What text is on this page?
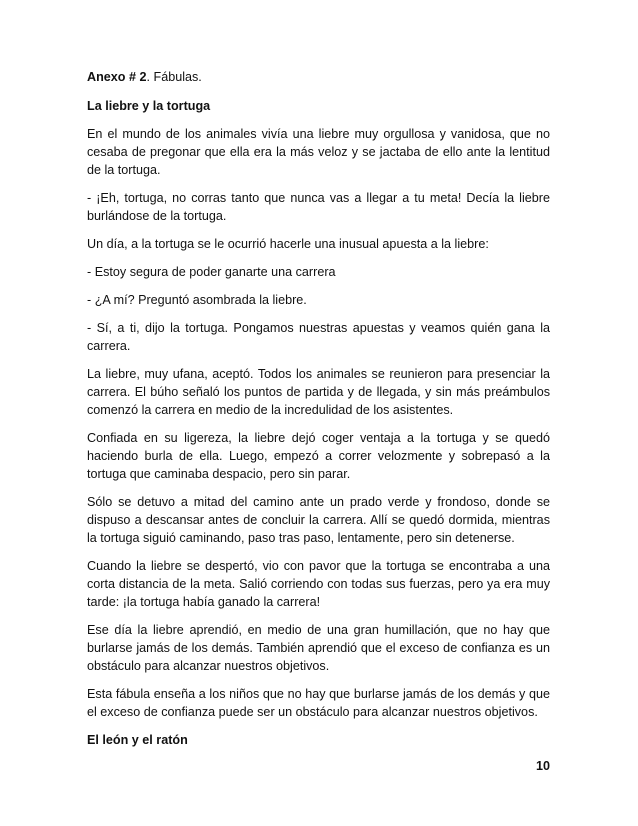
Anexo # 2. Fábulas.

La liebre y la tortuga

En el mundo de los animales vivía una liebre muy orgullosa y vanidosa, que no cesaba de pregonar que ella era la más veloz y se jactaba de ello ante la lentitud de la tortuga.

- ¡Eh, tortuga, no corras tanto que nunca vas a llegar a tu meta! Decía la liebre burlándose de la tortuga.

Un día, a la tortuga se le ocurrió hacerle una inusual apuesta a la liebre:

- Estoy segura de poder ganarte una carrera

- ¿A mí? Preguntó asombrada la liebre.

- Sí, a ti, dijo la tortuga. Pongamos nuestras apuestas y veamos quién gana la carrera.

La liebre, muy ufana, aceptó. Todos los animales se reunieron para presenciar la carrera. El búho señaló los puntos de partida y de llegada, y sin más preámbulos comenzó la carrera en medio de la incredulidad de los asistentes.

Confiada en su ligereza, la liebre dejó coger ventaja a la tortuga y se quedó haciendo burla de ella. Luego, empezó a correr velozmente y sobrepasó a la tortuga que caminaba despacio, pero sin parar.

Sólo se detuvo a mitad del camino ante un prado verde y frondoso, donde se dispuso a descansar antes de concluir la carrera. Allí se quedó dormida, mientras la tortuga siguió caminando, paso tras paso, lentamente, pero sin detenerse.

Cuando la liebre se despertó, vio con pavor que la tortuga se encontraba a una corta distancia de la meta. Salió corriendo con todas sus fuerzas, pero ya era muy tarde: ¡la tortuga había ganado la carrera!

Ese día la liebre aprendió, en medio de una gran humillación, que no hay que burlarse jamás de los demás. También aprendió que el exceso de confianza es un obstáculo para alcanzar nuestros objetivos.

Esta fábula enseña a los niños que no hay que burlarse jamás de los demás y que el exceso de confianza puede ser un obstáculo para alcanzar nuestros objetivos.

El león y el ratón

10
